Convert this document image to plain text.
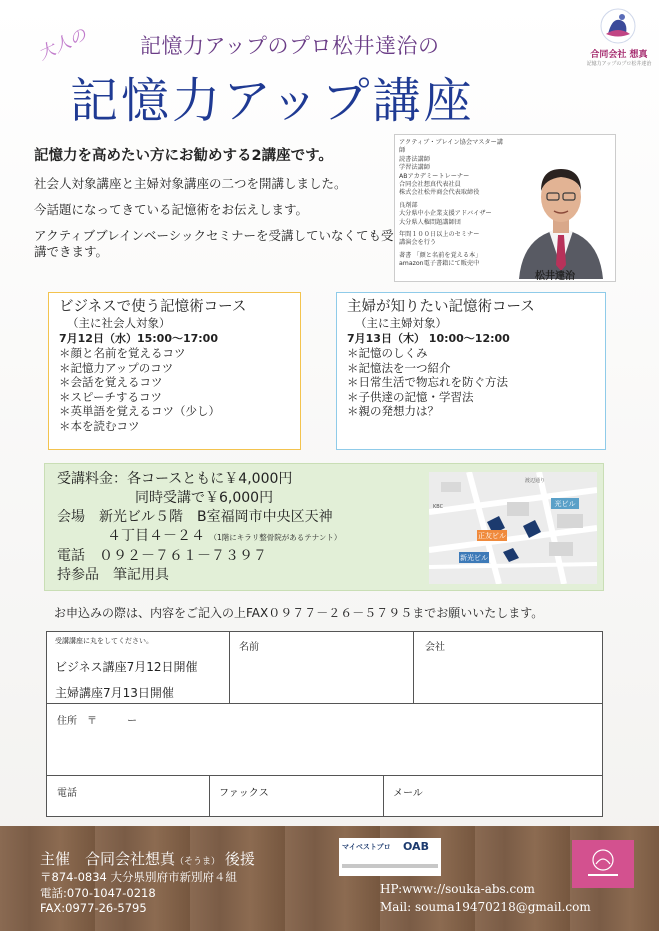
大人の 記憶力アップのプロ松井達治の
記憶力アップ講座
合同会社 想真
記憶力アップのプロ松井達治

記憶力を高めたい方にお勧めする2講座です。

社会人対象講座と主婦対象講座の二つを開講しました。

今話題になってきている記憶術をお伝えします。

アクティブブレインベーシックセミナーを受講していなくても受講できます。

アクティブ・ブレイン協会マスター講師
読書法講師
学習法講師
ABアカデミートレーナー
合同会社想真代表社員
株式会社松井商会代表取締役

良剤部
大分県中小企業支援アドバイザー
大分県人権問題講師団

年間１００日以上のセミナー
講演会を行う

著書 「顔と名前を覚える本」
amazon電子書籍にて販売中
松井達治
ビジネスで使う記憶術コース
（主に社会人対象）
7月12日（水）15:00～17:00
＊顔と名前を覚えるコツ
＊記憶力アップのコツ
＊会話を覚えるコツ
＊スピーチするコツ
＊英単語を覚えるコツ（少し）
＊本を読むコツ
主婦が知りたい記憶術コース
（主に主婦対象）
7月13日（木） 10:00～12:00
＊記憶のしくみ
＊記憶法を一つ紹介
＊日常生活で物忘れを防ぐ方法
＊子供達の記憶・学習法
＊親の発想力は？
受講料金：各コースともに￥4,000円
同時受講で￥6,000円
会場　新光ビル５階　B室福岡市中央区天神
４丁目４－２４ （1階にキラリ整骨院があるテナント）
電話　０９２－７６１－７３９７
持参品　筆記用具
光ビル
正友ビル
新光ビル
渡辺通り
KBC
お申込みの際は、内容をご記入の上FAX０９７７－２６－５７９５までお願いいたします。
受講講座に丸をしてください。
ビジネス講座7月12日開催
主婦講座7月13日開催
名前	会社
住所　〒　　　ー
電話	ファックス	メール
主催　合同会社想真（そうま） 後援
マイベストプロ OAB
〒874-0834 大分県別府市新別府４組
電話:070-1047-0218
FAX:0977-26-5795
HP:www://souka-abs.com
Mail: souma19470218@gmail.com
